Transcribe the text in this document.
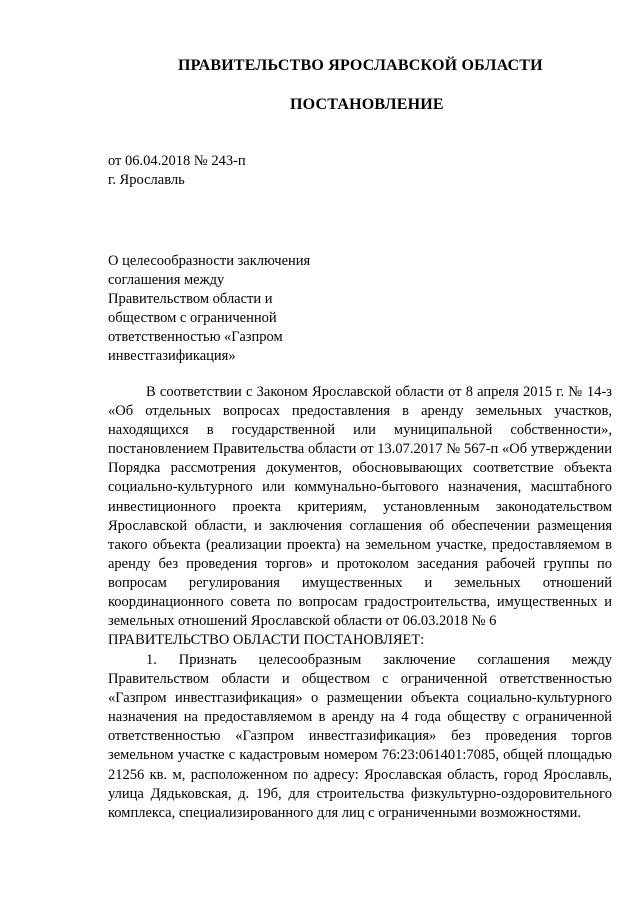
ПРАВИТЕЛЬСТВО ЯРОСЛАВСКОЙ ОБЛАСТИ
ПОСТАНОВЛЕНИЕ
от 06.04.2018 № 243-п
г. Ярославль
О целесообразности заключения
соглашения между
Правительством области и
обществом с ограниченной
ответственностью «Газпром
инвестгазификация»
В соответствии с Законом Ярославской области от 8 апреля 2015 г. № 14-з «Об отдельных вопросах предоставления в аренду земельных участков, находящихся в государственной или муниципальной собственности», постановлением Правительства области от 13.07.2017 № 567-п «Об утверждении Порядка рассмотрения документов, обосновывающих соответствие объекта социально-культурного или коммунально-бытового назначения, масштабного инвестиционного проекта критериям, установленным законодательством Ярославской области, и заключения соглашения об обеспечении размещения такого объекта (реализации проекта) на земельном участке, предоставляемом в аренду без проведения торгов» и протоколом заседания рабочей группы по вопросам регулирования имущественных и земельных отношений координационного совета по вопросам градостроительства, имущественных и земельных отношений Ярославской области от 06.03.2018 № 6
ПРАВИТЕЛЬСТВО ОБЛАСТИ ПОСТАНОВЛЯЕТ:
1. Признать целесообразным заключение соглашения между Правительством области и обществом с ограниченной ответственностью «Газпром инвестгазификация» о размещении объекта социально-культурного назначения на предоставляемом в аренду на 4 года обществу с ограниченной ответственностью «Газпром инвестгазификация» без проведения торгов земельном участке с кадастровым номером 76:23:061401:7085, общей площадью 21256 кв. м, расположенном по адресу: Ярославская область, город Ярославль, улица Дядьковская, д. 19б, для строительства физкультурно-оздоровительного комплекса, специализированного для лиц с ограниченными возможностями.
